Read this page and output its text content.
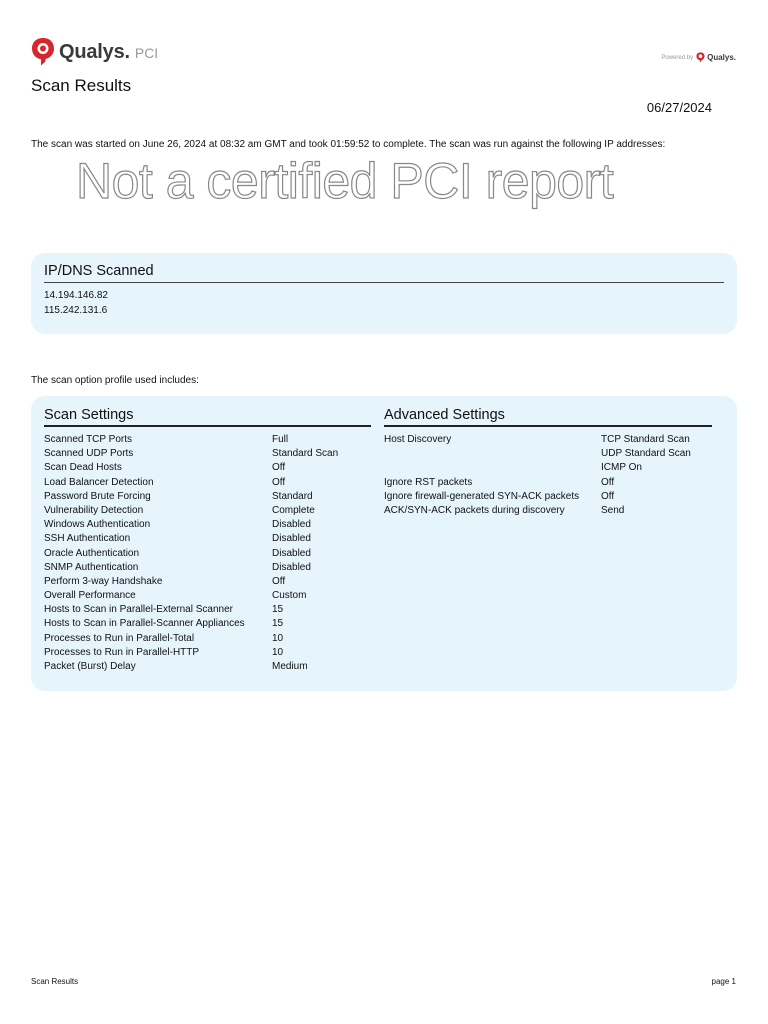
Qualys. PCI	Powered by Qualys.
Scan Results
06/27/2024
The scan was started on June 26, 2024 at 08:32 am GMT and took 01:59:52 to complete. The scan was run against the following IP addresses:
Not a certified PCI report
IP/DNS Scanned
14.194.146.82
115.242.131.6
The scan option profile used includes:
Scan Settings	Advanced Settings
Scanned TCP Ports	Full
Scanned UDP Ports	Standard Scan
Scan Dead Hosts	Off
Load Balancer Detection	Off
Password Brute Forcing	Standard
Vulnerability Detection	Complete
Windows Authentication	Disabled
SSH Authentication	Disabled
Oracle Authentication	Disabled
SNMP Authentication	Disabled
Perform 3-way Handshake	Off
Overall Performance	Custom
Hosts to Scan in Parallel-External Scanner	15
Hosts to Scan in Parallel-Scanner Appliances	15
Processes to Run in Parallel-Total	10
Processes to Run in Parallel-HTTP	10
Packet (Burst) Delay	Medium
Host Discovery	TCP Standard Scan
UDP Standard Scan
ICMP On
Ignore RST packets	Off
Ignore firewall-generated SYN-ACK packets	Off
ACK/SYN-ACK packets during discovery	Send
Scan Results	page 1
